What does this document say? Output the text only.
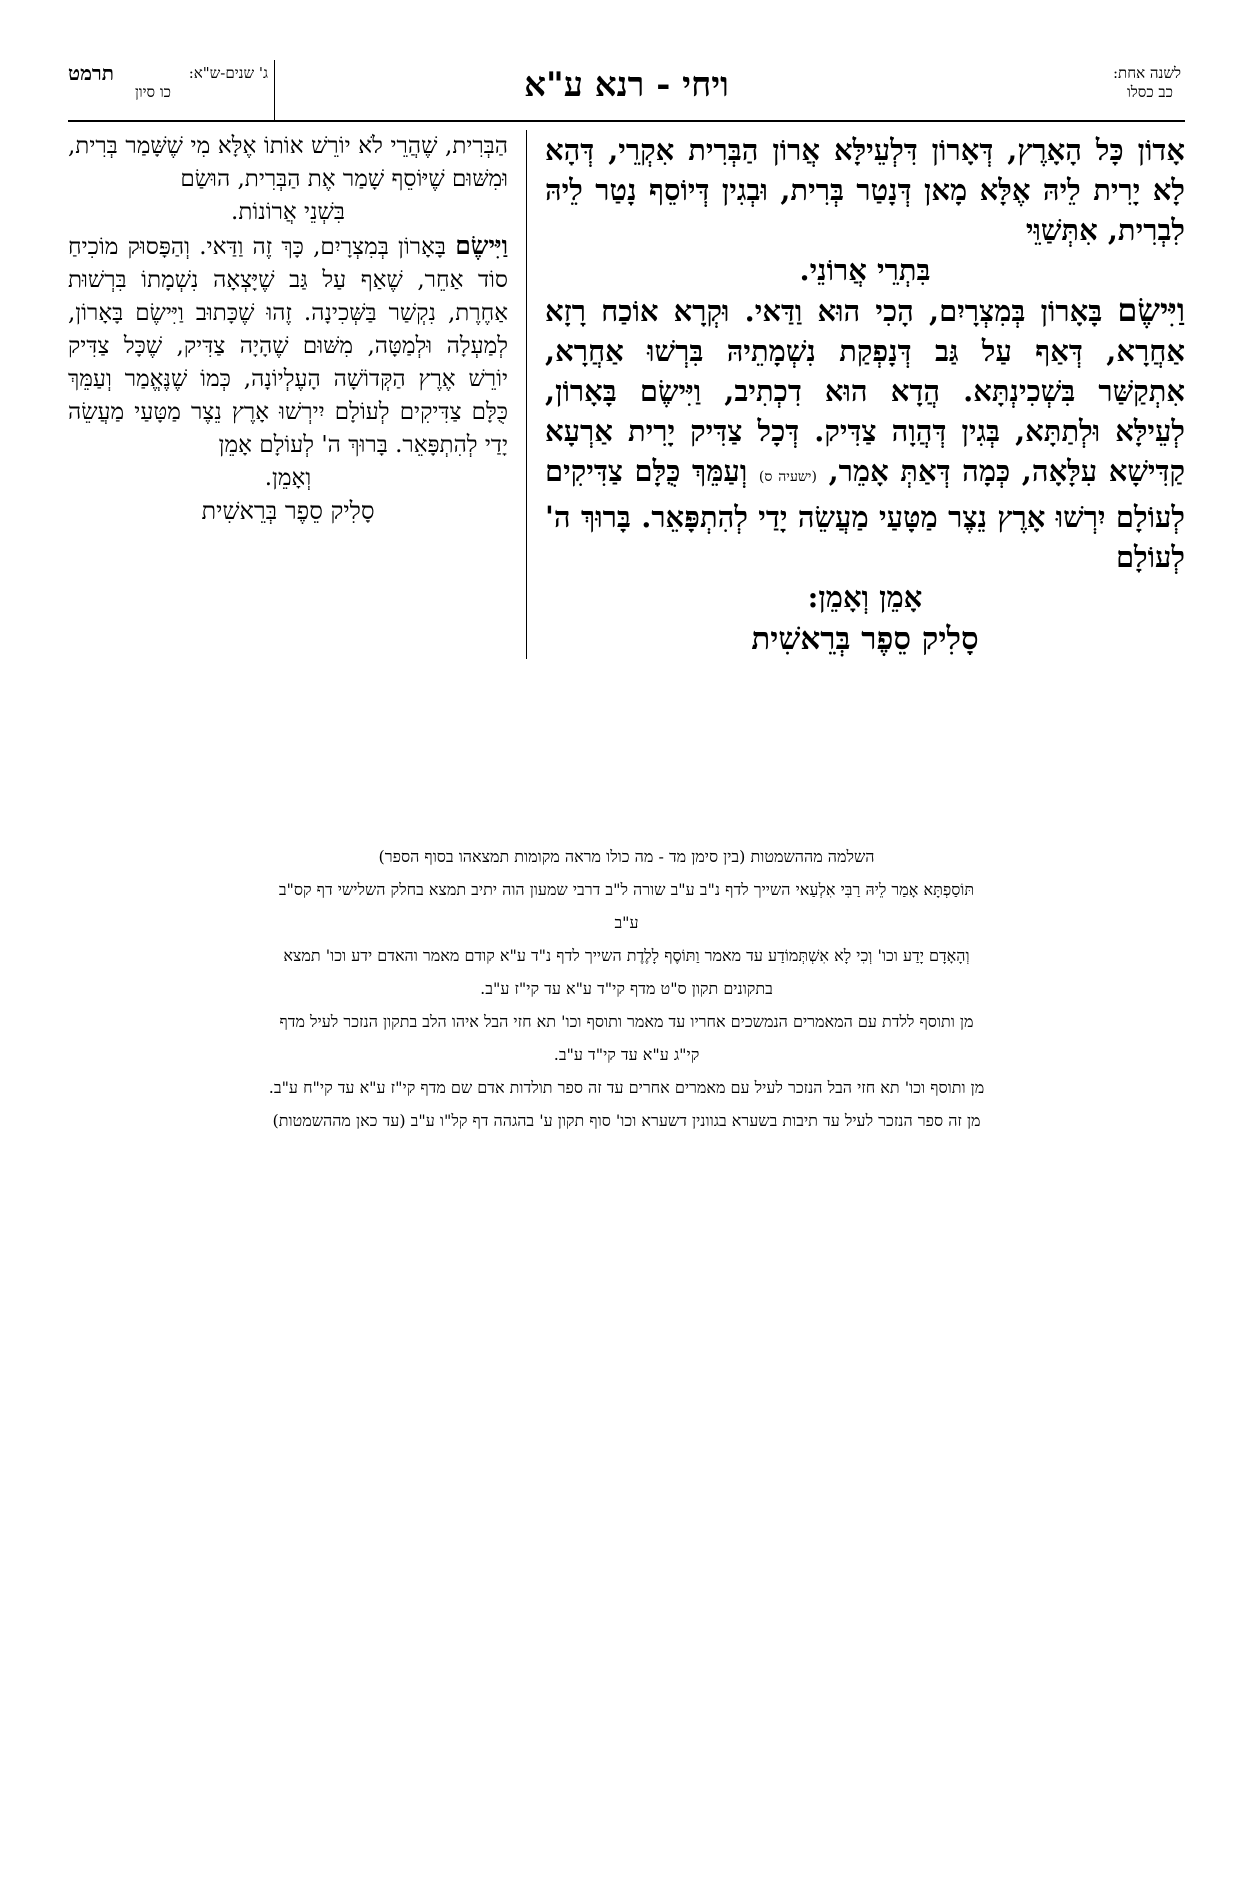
לשנה אחת:
כב כסלו
ויחי - רנא ע"א
ג' שנים-ש"א:
תרמט
כו סיון

אָדוֹן כָּל הָאָרֶץ, דְּאָרוֹן דִּלְעֵילָּא אֲרוֹן הַבְּרִית אִקְרֵי, דְּהָא לָא יָרִית לֵיהּ אֶלָּא מָאן דְּנָטַר בְּרִית, וּבְגִין דְּיוֹסֵף נָטַר לֵיהּ לִבְרִית, אִתְּשַׁוֵּי
בִּתְרֵי אֲרוֹנֵי.

וַיִּישֶׂם בָּאָרוֹן בְּמִצְרָיִם, הָכִי הוּא וַדַּאי. וּקְרָא אוֹכַח רָזָא אַחֲרָא, דְּאַף עַל גַּב דְּנָפְקַת נִשְׁמָתֵיהּ בִּרְשׁוּ אַחֲרָא, אִתְקַשַּׁר בִּשְׁכִינְתָּא. הֲדָא הוּא דִכְתִיב, וַיִּישֶׂם בָּאָרוֹן, לְעֵילָּא וּלְתַתָּא, בְּגִין דְּהֲוָה צַדִּיק. דְּכָל צַדִּיק יָרִית אַרְעָא קַדִּישָׁא עִלָּאָה, כְּמָה דְּאַתְּ אָמֵר, (ישעיה ס) וְעַמֵּךְ כֻּלָּם צַדִּיקִים לְעוֹלָם יִרְשׁוּ אָרֶץ נֵצֶר מַטָּעַי מַעֲשֵׂה יָדַי לְהִתְפָּאֵר. בָּרוּךְ ה' לְעוֹלָם
אָמֵן וְאָמֵן:

סָלִיק סֵפֶר בְּרֵאשִׁית

הַבְּרִית, שֶׁהֲרֵי לֹא יוֹרֵשׁ אוֹתוֹ אֶלָּא מִי שֶׁשָּׁמַר בְּרִית, וּמִשּׁוּם שֶׁיּוֹסֵף שָׁמַר אֶת הַבְּרִית, הוּשַׂם
בִּשְׁנֵי אֲרוֹנוֹת.

וַיִּישֶׂם בָּאָרוֹן בְּמִצְרָיִם, כָּךְ זֶה וַדַּאי. וְהַפָּסוּק מוֹכִיחַ סוֹד אַחֵר, שֶׁאַף עַל גַּב שֶׁיָּצְאָה נִשְׁמָתוֹ בִּרְשׁוּת אַחֶרֶת, נִקְשַׁר בַּשְּׁכִינָה. זֶהוּ שֶׁכָּתוּב וַיִּישֶׂם בָּאָרוֹן, לְמַעְלָה וּלְמַטָּה, מִשּׁוּם שֶׁהָיָה צַדִּיק, שֶׁכָּל צַדִּיק יוֹרֵשׁ אֶרֶץ הַקְּדוֹשָׁה הָעֶלְיוֹנָה, כְּמוֹ שֶׁנֶּאֱמַר וְעַמֵּךְ כֻּלָּם צַדִּיקִים לְעוֹלָם יִירְשׁוּ אָרֶץ נֵצֶר מַטָּעַי מַעֲשֵׂה יָדַי לְהִתְפָּאֵר. בָּרוּךְ ה' לְעוֹלָם אָמֵן
וְאָמֵן.

סָלִיק סֵפֶר בְּרֵאשִׁית

השלמה מההשמטות (בין סימן מד - מה כולו מראה מקומות תמצאהו בסוף הספר)

תּוֹסַפְתָּא אָמַר לֵיהּ רַבִּי אִלְעַאי השייך לדף נ"ב ע"ב שורה ל"ב דרבי שמעון הוה יתיב תמצא בחלק השלישי דף קס"ב
ע"ב

וְהָאָדָם יָדַע וכו' וְכִי לָא אִשְׁתְּמוֹדַע עד מאמר וַתּוֹסֶף לָלֶדֶת השייך לדף נ"ד ע"א קודם מאמר והאדם ידע וכו' תמצא
בתקונים תקון ס"ט מדף קי"ד ע"א עד קי"ז ע"ב.

מן ותוסף ללדת עם המאמרים הנמשכים אחריו עד מאמר ותוסף וכו' תא חזי הבל איהו הלב בתקון הנזכר לעיל מדף
קי"ג ע"א עד קי"ד ע"ב.

מן ותוסף וכו' תא חזי הבל הנזכר לעיל עם מאמרים אחרים עד זה ספר תולדות אדם שם מדף קי"ז ע"א עד קי"ח ע"ב.

מן זה ספר הנזכר לעיל עד תיבות בשערא בגוונין דשערא וכו' סוף תקון ע' בהגהה דף קל"ו ע"ב (עד כאן מההשמטות)
